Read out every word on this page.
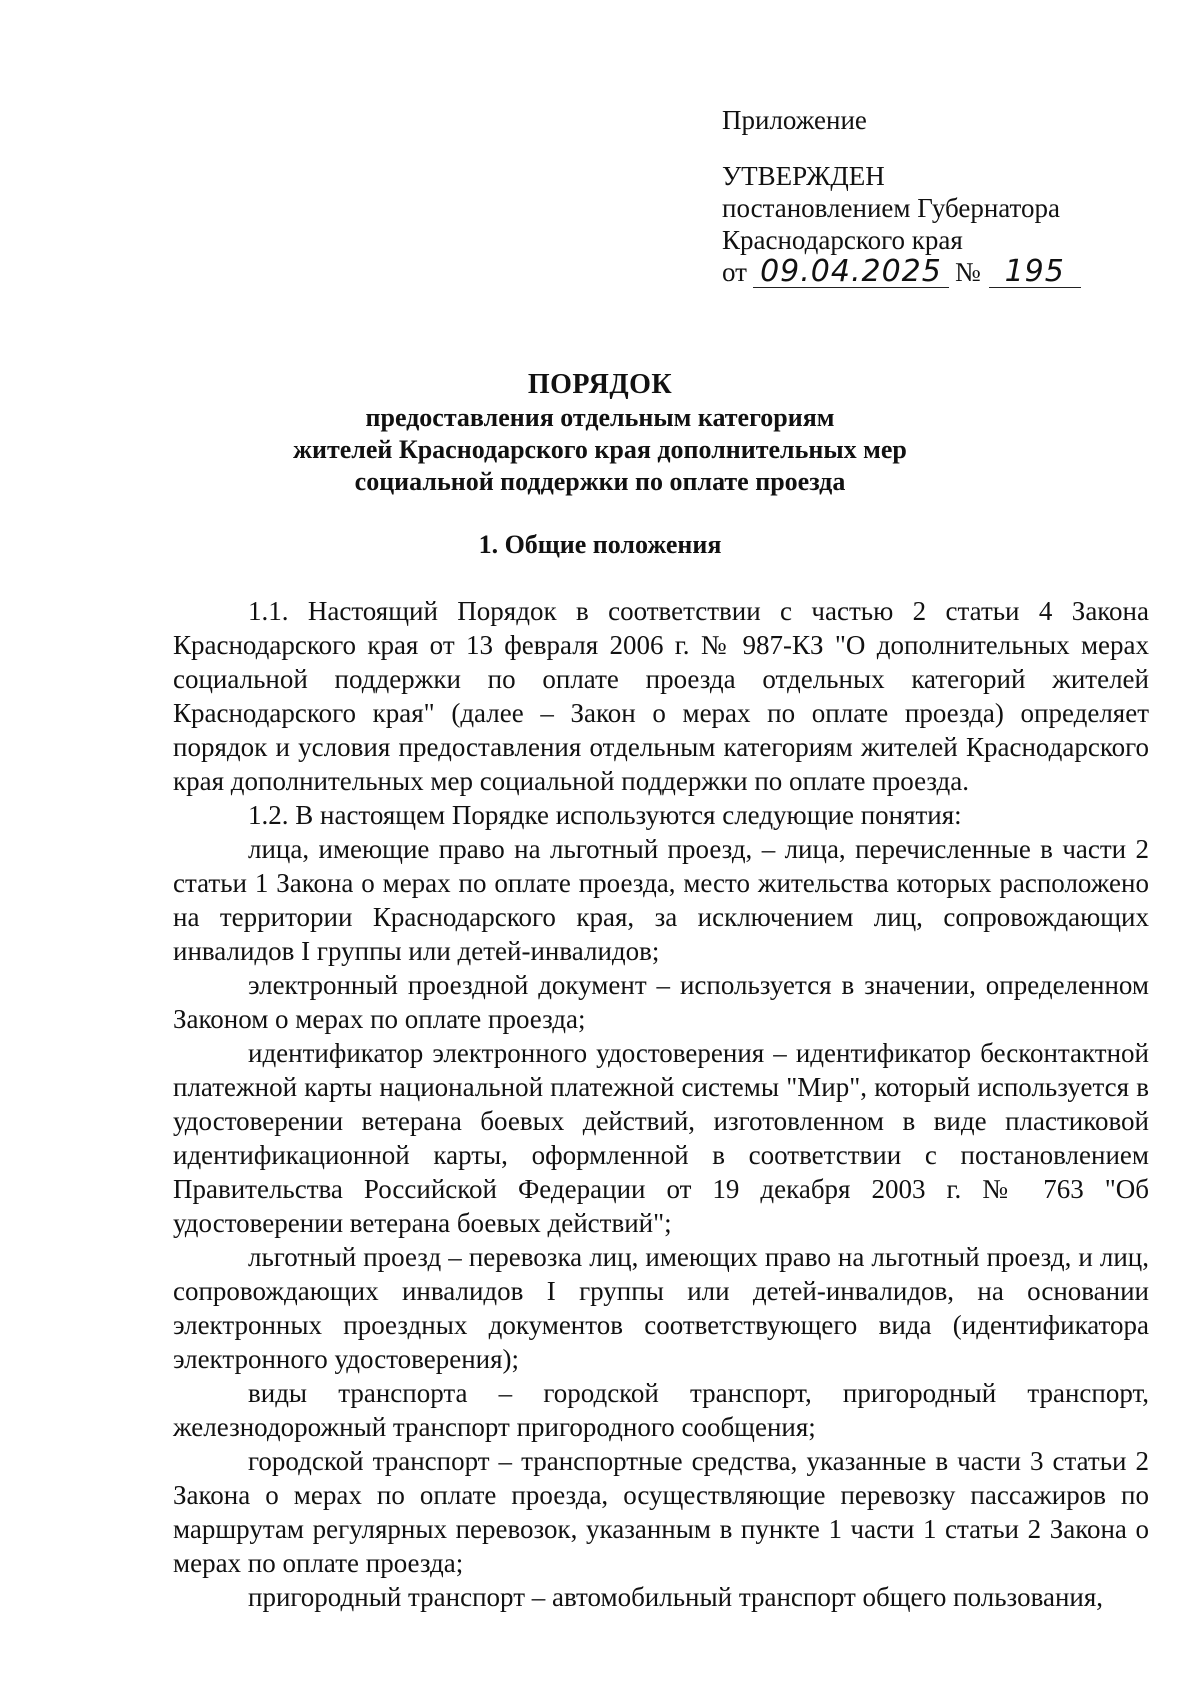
Приложение
УТВЕРЖДЕН
постановлением Губернатора
Краснодарского края
от 09.04.2025 № 195
ПОРЯДОК
предоставления отдельным категориям
жителей Краснодарского края дополнительных мер
социальной поддержки по оплате проезда
1. Общие положения

1.1. Настоящий Порядок в соответствии с частью 2 статьи 4 Закона Краснодарского края от 13 февраля 2006 г. № 987-КЗ "О дополнительных мерах социальной поддержки по оплате проезда отдельных категорий жителей Краснодарского края" (далее – Закон о мерах по оплате проезда) определяет порядок и условия предоставления отдельным категориям жителей Краснодарского края дополнительных мер социальной поддержки по оплате проезда.

1.2. В настоящем Порядке используются следующие понятия:

лица, имеющие право на льготный проезд, – лица, перечисленные в части 2 статьи 1 Закона о мерах по оплате проезда, место жительства которых расположено на территории Краснодарского края, за исключением лиц, сопровождающих инвалидов I группы или детей-инвалидов;

электронный проездной документ – используется в значении, определенном Законом о мерах по оплате проезда;

идентификатор электронного удостоверения – идентификатор бесконтактной платежной карты национальной платежной системы "Мир", который используется в удостоверении ветерана боевых действий, изготовленном в виде пластиковой идентификационной карты, оформленной в соответствии с постановлением Правительства Российской Федерации от 19 декабря 2003 г. № 763 "Об удостоверении ветерана боевых действий";

льготный проезд – перевозка лиц, имеющих право на льготный проезд, и лиц, сопровождающих инвалидов I группы или детей-инвалидов, на основании электронных проездных документов соответствующего вида (идентификатора электронного удостоверения);

виды транспорта – городской транспорт, пригородный транспорт, железнодорожный транспорт пригородного сообщения;

городской транспорт – транспортные средства, указанные в части 3 статьи 2 Закона о мерах по оплате проезда, осуществляющие перевозку пассажиров по маршрутам регулярных перевозок, указанным в пункте 1 части 1 статьи 2 Закона о мерах по оплате проезда;

пригородный транспорт – автомобильный транспорт общего пользования,
